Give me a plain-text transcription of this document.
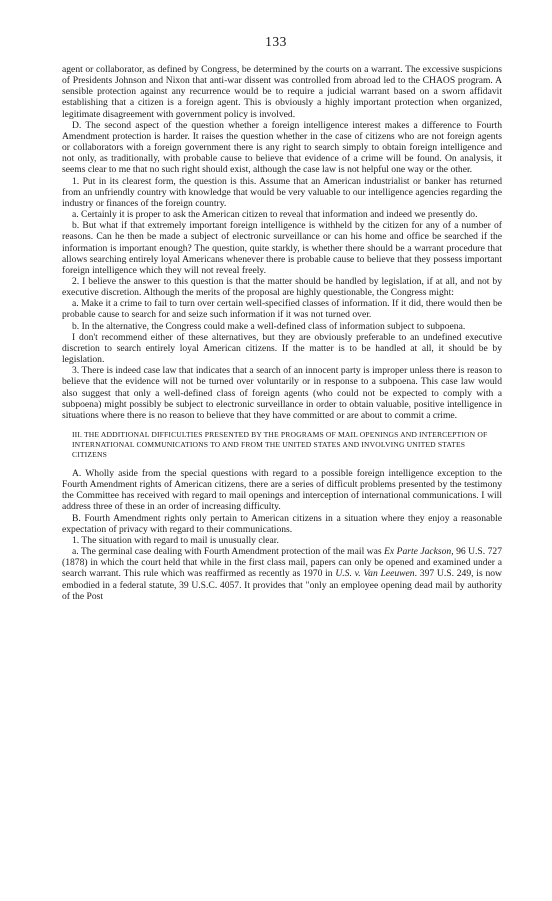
133

agent or collaborator, as defined by Congress, be determined by the courts on a warrant. The excessive suspicions of Presidents Johnson and Nixon that anti-war dissent was controlled from abroad led to the CHAOS program. A sensible protection against any recurrence would be to require a judicial warrant based on a sworn affidavit establishing that a citizen is a foreign agent. This is obviously a highly important protection when organized, legitimate disagreement with government policy is involved.

D. The second aspect of the question whether a foreign intelligence interest makes a difference to Fourth Amendment protection is harder. It raises the question whether in the case of citizens who are not foreign agents or collaborators with a foreign government there is any right to search simply to obtain foreign intelligence and not only, as traditionally, with probable cause to believe that evidence of a crime will be found. On analysis, it seems clear to me that no such right should exist, although the case law is not helpful one way or the other.

1. Put in its clearest form, the question is this. Assume that an American industrialist or banker has returned from an unfriendly country with knowledge that would be very valuable to our intelligence agencies regarding the industry or finances of the foreign country.

a. Certainly it is proper to ask the American citizen to reveal that information and indeed we presently do.

b. But what if that extremely important foreign intelligence is withheld by the citizen for any of a number of reasons. Can he then be made a subject of electronic surveillance or can his home and office be searched if the information is important enough? The question, quite starkly, is whether there should be a warrant procedure that allows searching entirely loyal Americans whenever there is probable cause to believe that they possess important foreign intelligence which they will not reveal freely.

2. I believe the answer to this question is that the matter should be handled by legislation, if at all, and not by executive discretion. Although the merits of the proposal are highly questionable, the Congress might:

a. Make it a crime to fail to turn over certain well-specified classes of information. If it did, there would then be probable cause to search for and seize such information if it was not turned over.

b. In the alternative, the Congress could make a well-defined class of information subject to subpoena.

I don't recommend either of these alternatives, but they are obviously preferable to an undefined executive discretion to search entirely loyal American citizens. If the matter is to be handled at all, it should be by legislation.

3. There is indeed case law that indicates that a search of an innocent party is improper unless there is reason to believe that the evidence will not be turned over voluntarily or in response to a subpoena. This case law would also suggest that only a well-defined class of foreign agents (who could not be expected to comply with a subpoena) might possibly be subject to electronic surveillance in order to obtain valuable, positive intelligence in situations where there is no reason to believe that they have committed or are about to commit a crime.

III. THE ADDITIONAL DIFFICULTIES PRESENTED BY THE PROGRAMS OF MAIL OPENINGS AND INTERCEPTION OF INTERNATIONAL COMMUNICATIONS TO AND FROM THE UNITED STATES AND INVOLVING UNITED STATES CITIZENS

A. Wholly aside from the special questions with regard to a possible foreign intelligence exception to the Fourth Amendment rights of American citizens, there are a series of difficult problems presented by the testimony the Committee has received with regard to mail openings and interception of international communications. I will address three of these in an order of increasing difficulty.

B. Fourth Amendment rights only pertain to American citizens in a situation where they enjoy a reasonable expectation of privacy with regard to their communications.

1. The situation with regard to mail is unusually clear.

a. The germinal case dealing with Fourth Amendment protection of the mail was Ex Parte Jackson, 96 U.S. 727 (1878) in which the court held that while in the first class mail, papers can only be opened and examined under a search warrant. This rule which was reaffirmed as recently as 1970 in U.S. v. Van Leeuwen. 397 U.S. 249, is now embodied in a federal statute, 39 U.S.C. 4057. It provides that "only an employee opening dead mail by authority of the Post
